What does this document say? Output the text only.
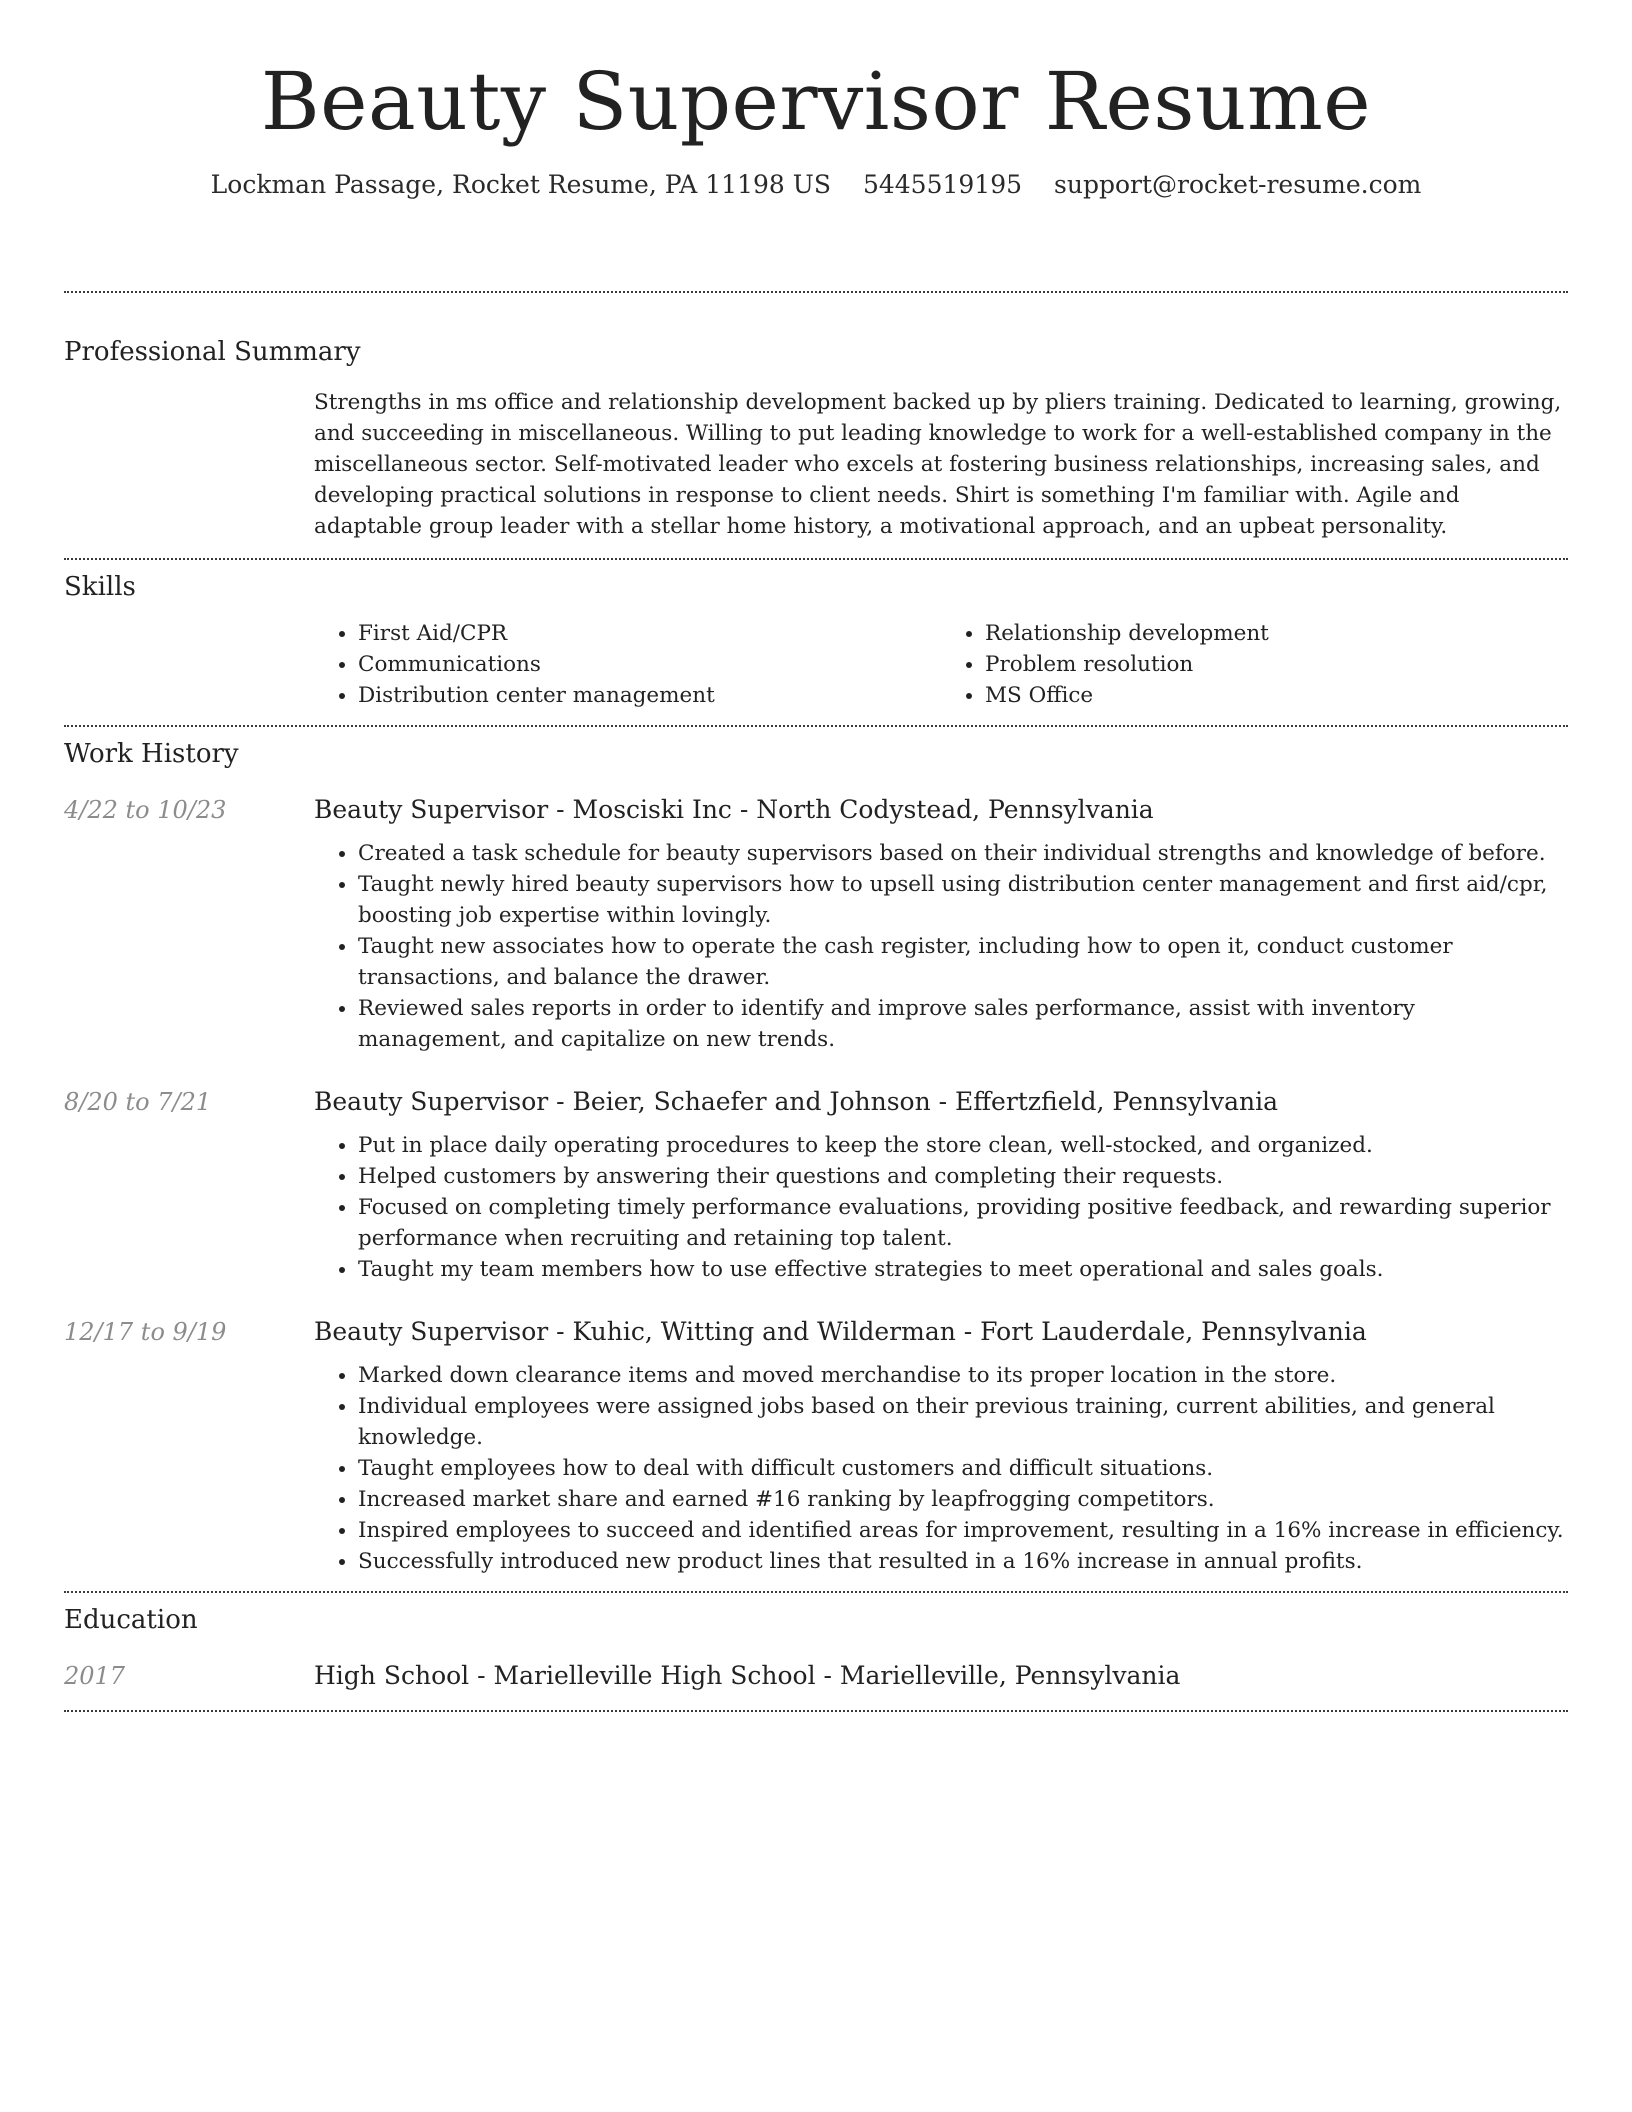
Beauty Supervisor Resume
Lockman Passage, Rocket Resume, PA 11198 US 5445519195 support@rocket-resume.com
Professional Summary

Strengths in ms office and relationship development backed up by pliers training. Dedicated to learning, growing, and succeeding in miscellaneous. Willing to put leading knowledge to work for a well-established company in the miscellaneous sector. Self-motivated leader who excels at fostering business relationships, increasing sales, and developing practical solutions in response to client needs. Shirt is something I'm familiar with. Agile and adaptable group leader with a stellar home history, a motivational approach, and an upbeat personality.

Skills
• First Aid/CPR
• Communications
• Distribution center management
• Relationship development
• Problem resolution
• MS Office
Work History
4/22 to 10/23	Beauty Supervisor - Mosciski Inc - North Codystead, Pennsylvania
• Created a task schedule for beauty supervisors based on their individual strengths and knowledge of before.
• Taught newly hired beauty supervisors how to upsell using distribution center management and first aid/cpr, boosting job expertise within lovingly.
• Taught new associates how to operate the cash register, including how to open it, conduct customer transactions, and balance the drawer.
• Reviewed sales reports in order to identify and improve sales performance, assist with inventory management, and capitalize on new trends.
8/20 to 7/21	Beauty Supervisor - Beier, Schaefer and Johnson - Effertzfield, Pennsylvania
• Put in place daily operating procedures to keep the store clean, well-stocked, and organized.
• Helped customers by answering their questions and completing their requests.
• Focused on completing timely performance evaluations, providing positive feedback, and rewarding superior performance when recruiting and retaining top talent.
• Taught my team members how to use effective strategies to meet operational and sales goals.
12/17 to 9/19	Beauty Supervisor - Kuhic, Witting and Wilderman - Fort Lauderdale, Pennsylvania
• Marked down clearance items and moved merchandise to its proper location in the store.
• Individual employees were assigned jobs based on their previous training, current abilities, and general knowledge.
• Taught employees how to deal with difficult customers and difficult situations.
• Increased market share and earned #16 ranking by leapfrogging competitors.
• Inspired employees to succeed and identified areas for improvement, resulting in a 16% increase in efficiency.
• Successfully introduced new product lines that resulted in a 16% increase in annual profits.
Education
2017	High School - Marielleville High School - Marielleville, Pennsylvania
